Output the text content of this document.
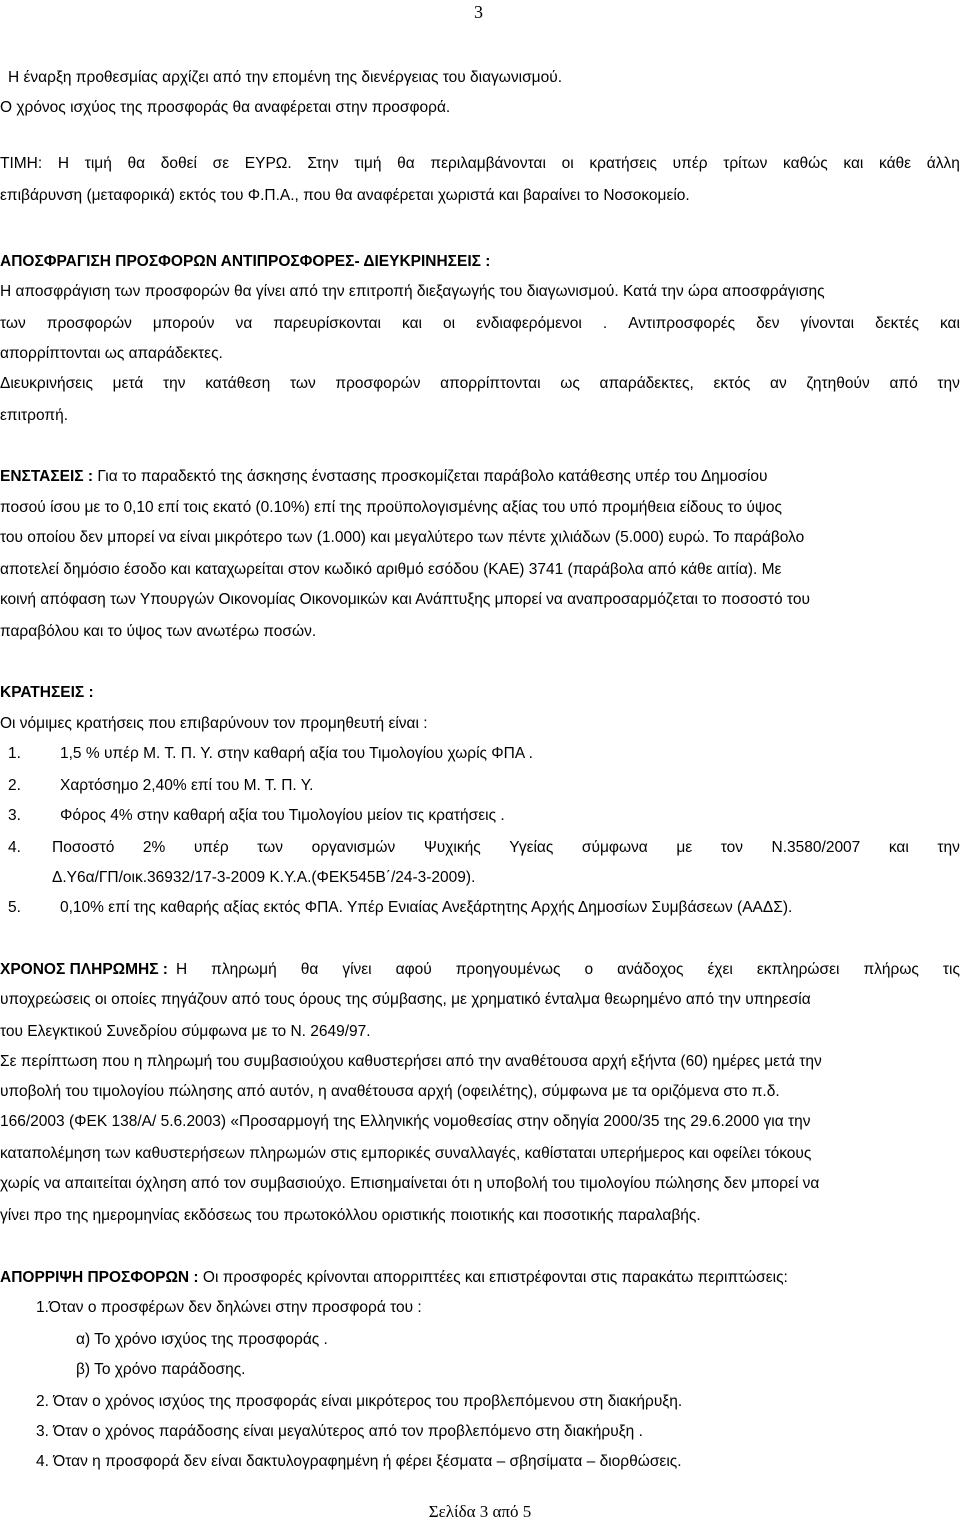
3
Η έναρξη προθεσμίας αρχίζει από την επομένη της διενέργειας του διαγωνισμού.
Ο χρόνος ισχύος της προσφοράς θα αναφέρεται στην προσφορά.
ΤΙΜΗ: Η τιμή θα δοθεί σε ΕΥΡΩ. Στην τιμή θα περιλαμβάνονται οι κρατήσεις υπέρ τρίτων καθώς και κάθε άλλη
επιβάρυνση (μεταφορικά) εκτός του Φ.Π.Α., που θα αναφέρεται χωριστά και βαραίνει το Νοσοκομείο.
ΑΠΟΣΦΡΑΓΙΣΗ ΠΡΟΣΦΟΡΩΝ ΑΝΤΙΠΡΟΣΦΟΡΕΣ- ΔΙΕΥΚΡΙΝΗΣΕΙΣ :
Η αποσφράγιση των προσφορών θα γίνει από την επιτροπή διεξαγωγής του διαγωνισμού. Κατά την ώρα αποσφράγισης
των προσφορών μπορούν να παρευρίσκονται και οι ενδιαφερόμενοι . Αντιπροσφορές δεν γίνονται δεκτές και
απορρίπτονται ως απαράδεκτες.
Διευκρινήσεις μετά την κατάθεση των προσφορών απορρίπτονται ως απαράδεκτες, εκτός αν ζητηθούν από την
επιτροπή.
ΕΝΣΤΑΣΕΙΣ : Για το παραδεκτό της άσκησης ένστασης προσκομίζεται παράβολο κατάθεσης υπέρ του Δημοσίου
ποσού ίσου με το 0,10 επί τοις εκατό (0.10%) επί της προϋπολογισμένης αξίας του υπό προμήθεια είδους το ύψος
του οποίου δεν μπορεί να είναι μικρότερο των (1.000) και μεγαλύτερο των πέντε χιλιάδων (5.000) ευρώ. Το παράβολο
αποτελεί δημόσιο έσοδο και καταχωρείται στον κωδικό αριθμό εσόδου (ΚΑΕ) 3741 (παράβολα από κάθε αιτία). Με
κοινή απόφαση των Υπουργών Οικονομίας Οικονομικών και Ανάπτυξης μπορεί να αναπροσαρμόζεται το ποσοστό του
παραβόλου και το ύψος των ανωτέρω ποσών.
ΚΡΑΤΗΣΕΙΣ :
Οι νόμιμες κρατήσεις που επιβαρύνουν τον προμηθευτή είναι :
1.	1,5 % υπέρ Μ. Τ. Π. Υ. στην καθαρή αξία του Τιμολογίου χωρίς ΦΠΑ .
2.	Χαρτόσημο 2,40% επί του Μ. Τ. Π. Υ.
3.	Φόρος 4% στην καθαρή αξία του Τιμολογίου μείον τις κρατήσεις .
4. Ποσοστό 2% υπέρ των οργανισμών Ψυχικής Υγείας σύμφωνα με τον Ν.3580/2007 και την
Δ.Υ6α/ΓΠ/οικ.36932/17-3-2009 Κ.Υ.Α.(ΦΕΚ545Β΄/24-3-2009).
5.	0,10% επί της καθαρής αξίας εκτός ΦΠΑ. Υπέρ Ενιαίας Ανεξάρτητης Αρχής Δημοσίων Συμβάσεων (ΑΑΔΣ).
ΧΡΟΝΟΣ ΠΛΗΡΩΜΗΣ : Η πληρωμή θα γίνει αφού προηγουμένως ο ανάδοχος έχει εκπληρώσει πλήρως τις
υποχρεώσεις οι οποίες πηγάζουν από τους όρους της σύμβασης, με χρηματικό ένταλμα θεωρημένο από την υπηρεσία
του Ελεγκτικού Συνεδρίου σύμφωνα με το Ν. 2649/97.
Σε περίπτωση που η πληρωμή του συμβασιούχου καθυστερήσει από την αναθέτουσα αρχή εξήντα (60) ημέρες μετά την
υποβολή του τιμολογίου πώλησης από αυτόν, η αναθέτουσα αρχή (οφειλέτης), σύμφωνα με τα οριζόμενα στο π.δ.
166/2003 (ΦΕΚ 138/Α/ 5.6.2003) «Προσαρμογή της Ελληνικής νομοθεσίας στην οδηγία 2000/35 της 29.6.2000 για την
καταπολέμηση των καθυστερήσεων πληρωμών στις εμπορικές συναλλαγές, καθίσταται υπερήμερος και οφείλει τόκους
χωρίς να απαιτείται όχληση από τον συμβασιούχο. Επισημαίνεται ότι η υποβολή του τιμολογίου πώλησης δεν μπορεί να
γίνει προ της ημερομηνίας εκδόσεως του πρωτοκόλλου οριστικής ποιοτικής και ποσοτικής παραλαβής.
ΑΠΟΡΡΙΨΗ ΠΡΟΣΦΟΡΩΝ : Οι προσφορές κρίνονται απορριπτέες και επιστρέφονται στις παρακάτω περιπτώσεις:
1.Όταν ο προσφέρων δεν δηλώνει στην προσφορά του :
α) Το χρόνο ισχύος της προσφοράς .
β) Το χρόνο παράδοσης.
2. Όταν ο χρόνος ισχύος της προσφοράς είναι μικρότερος του προβλεπόμενου στη διακήρυξη.
3. Όταν ο χρόνος παράδοσης είναι μεγαλύτερος από τον προβλεπόμενο στη διακήρυξη .
4. Όταν η προσφορά δεν είναι δακτυλογραφημένη ή φέρει ξέσματα – σβησίματα – διορθώσεις.
Σελίδα 3 από 5
